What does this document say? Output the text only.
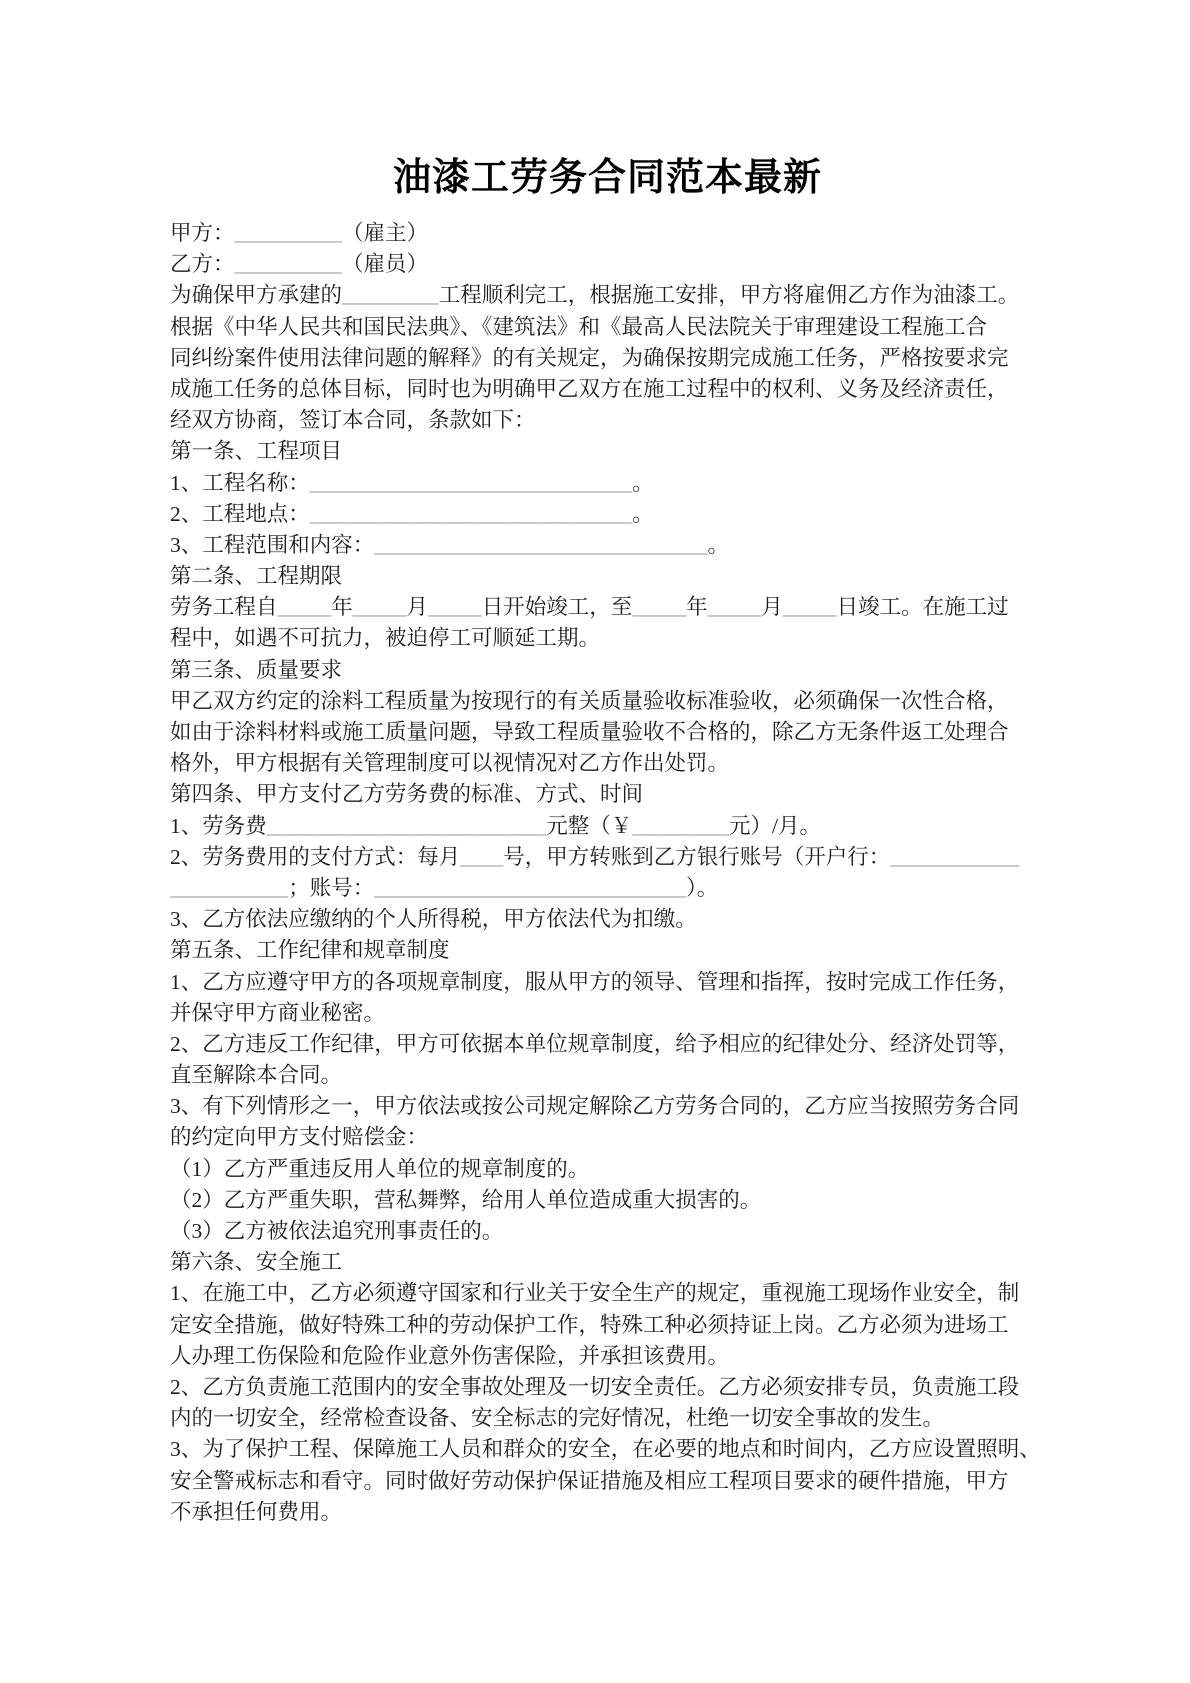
油漆工劳务合同范本最新
甲方：__________（雇主）
乙方：__________（雇员）
为确保甲方承建的_________工程顺利完工，根据施工安排，甲方将雇佣乙方作为油漆工。
根据《中华人民共和国民法典》、《建筑法》和《最高人民法院关于审理建设工程施工合
同纠纷案件使用法律问题的解释》的有关规定，为确保按期完成施工任务，严格按要求完
成施工任务的总体目标，同时也为明确甲乙双方在施工过程中的权利、义务及经济责任，
经双方协商，签订本合同，条款如下：
第一条、工程项目
1、工程名称：______________________________。
2、工程地点：______________________________。
3、工程范围和内容：_______________________________。
第二条、工程期限
劳务工程自_____年_____月_____日开始竣工，至_____年_____月_____日竣工。在施工过
程中，如遇不可抗力，被迫停工可顺延工期。
第三条、质量要求
甲乙双方约定的涂料工程质量为按现行的有关质量验收标准验收，必须确保一次性合格，
如由于涂料材料或施工质量问题，导致工程质量验收不合格的，除乙方无条件返工处理合
格外，甲方根据有关管理制度可以视情况对乙方作出处罚。
第四条、甲方支付乙方劳务费的标准、方式、时间
1、劳务费__________________________元整（￥_________元）/月。
2、劳务费用的支付方式：每月____号，甲方转账到乙方银行账号（开户行：____________
___________；账号：_____________________________）。
3、乙方依法应缴纳的个人所得税，甲方依法代为扣缴。
第五条、工作纪律和规章制度
1、乙方应遵守甲方的各项规章制度，服从甲方的领导、管理和指挥，按时完成工作任务，
并保守甲方商业秘密。
2、乙方违反工作纪律，甲方可依据本单位规章制度，给予相应的纪律处分、经济处罚等，
直至解除本合同。
3、有下列情形之一，甲方依法或按公司规定解除乙方劳务合同的，乙方应当按照劳务合同
的约定向甲方支付赔偿金：
（1）乙方严重违反用人单位的规章制度的。
（2）乙方严重失职，营私舞弊，给用人单位造成重大损害的。
（3）乙方被依法追究刑事责任的。
第六条、安全施工
1、在施工中，乙方必须遵守国家和行业关于安全生产的规定，重视施工现场作业安全，制
定安全措施，做好特殊工种的劳动保护工作，特殊工种必须持证上岗。乙方必须为进场工
人办理工伤保险和危险作业意外伤害保险，并承担该费用。
2、乙方负责施工范围内的安全事故处理及一切安全责任。乙方必须安排专员，负责施工段
内的一切安全，经常检查设备、安全标志的完好情况，杜绝一切安全事故的发生。
3、为了保护工程、保障施工人员和群众的安全，在必要的地点和时间内，乙方应设置照明、
安全警戒标志和看守。同时做好劳动保护保证措施及相应工程项目要求的硬件措施，甲方
不承担任何费用。
